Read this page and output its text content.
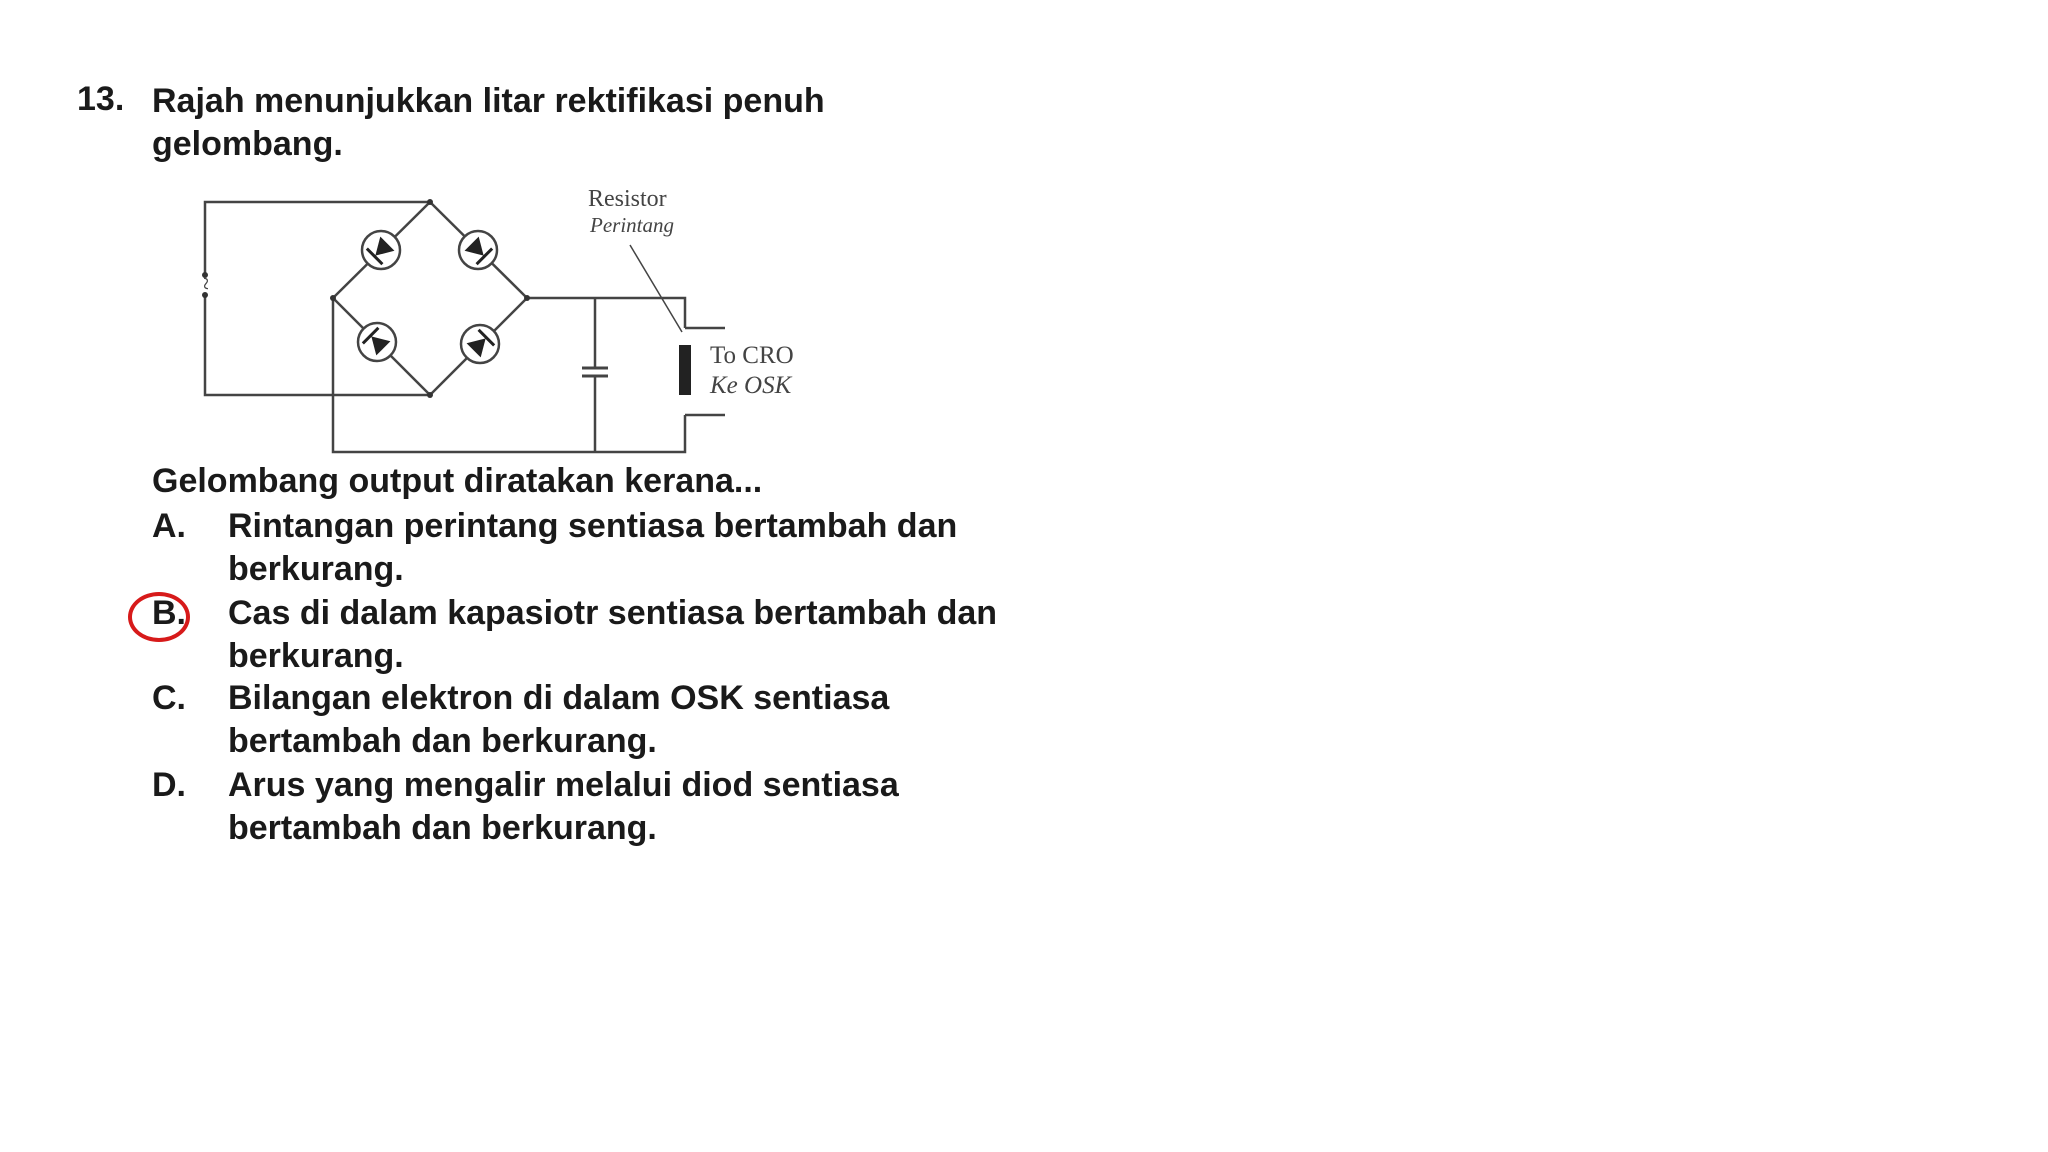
13. Rajah menunjukkan litar rektifikasi penuh gelombang.
~
Resistor
Perintang
To CRO
Ke OSK
Gelombang output diratakan kerana...
A. Rintangan perintang sentiasa bertambah dan berkurang.
B. Cas di dalam kapasiotr sentiasa bertambah dan berkurang.
C. Bilangan elektron di dalam OSK sentiasa bertambah dan berkurang.
D. Arus yang mengalir melalui diod sentiasa bertambah dan berkurang.
